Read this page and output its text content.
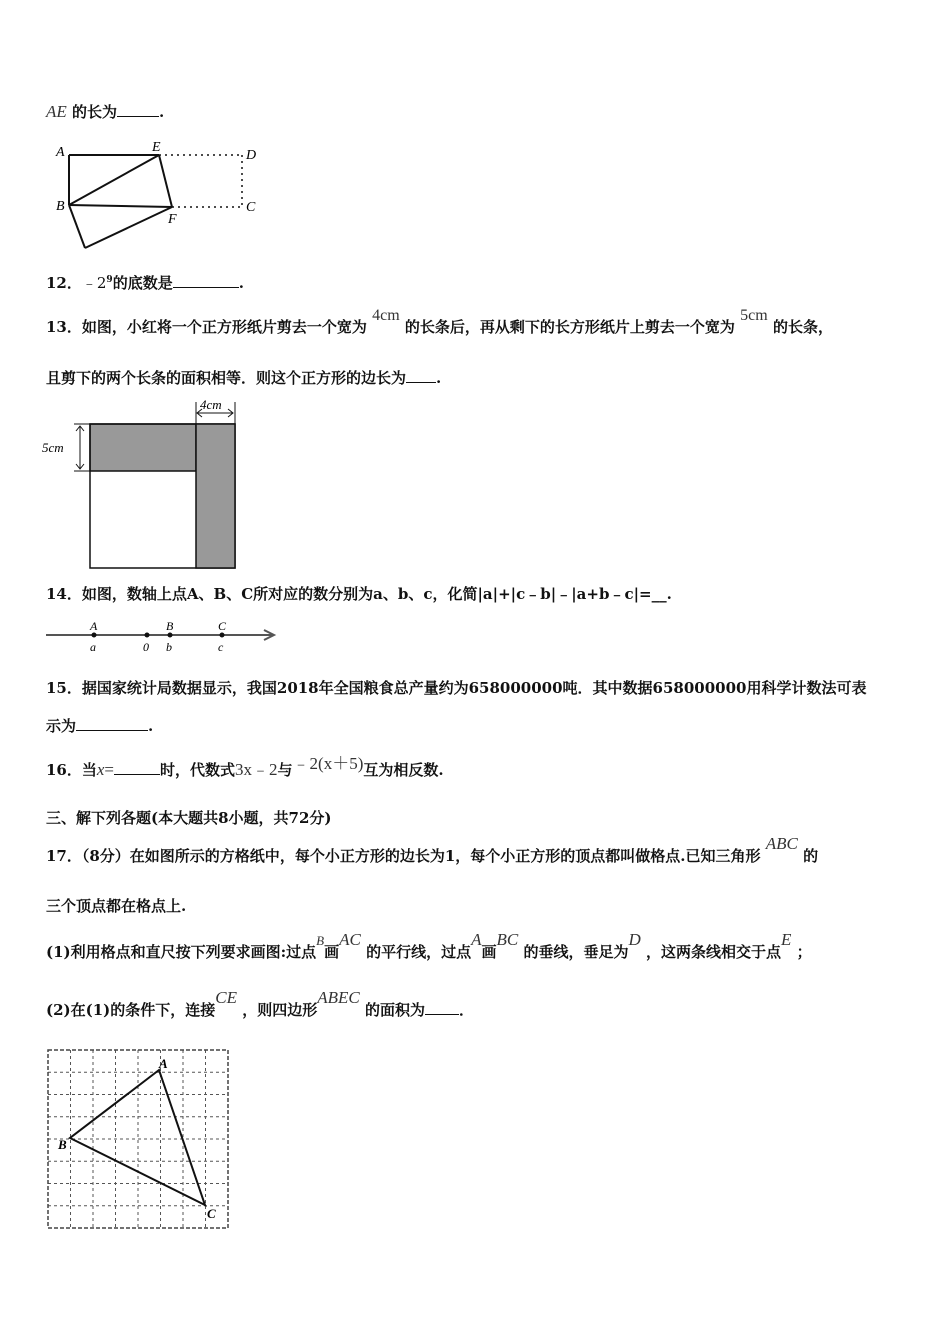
AE 的长为	.
A	E
D
B
F
C
12．$﹣2^9$的底数是	.
13．如图，小红将一个正方形纸片剪去一个宽为 4cm 的长条后，再从剩下的长方形纸片上剪去一个宽为 5cm 的长条，
且剪下的两个长条的面积相等．则这个正方形的边长为 .
4cm
5cm
14．如图，数轴上点A、B、C所对应的数分别为a、b、c，化简|a|+|c﹣b|﹣|a+b﹣c|=__.
A	B	C
a	0 b	c
15．据国家统计局数据显示，我国2018年全国粮食总产量约为658000000吨．其中数据658000000用科学计数法可表
示为	.
16．当x=	时，代数式3x﹣2与﹣2(x＋5)互为相反数.
三、解下列各题(本大题共8小题，共72分)
17．（8分）在如图所示的方格纸中，每个小正方形的边长为1，每个小正方形的顶点都叫做格点.已知三角形 ABC 的
三个顶点都在格点上.
(1)利用格点和直尺按下列要求画图:过点B画AC 的平行线，过点A画BC 的垂线，垂足为D ，这两条线相交于点E ；
(2)在(1)的条件下，连接CE ，则四边形ABEC 的面积为 ．
A
B
C
